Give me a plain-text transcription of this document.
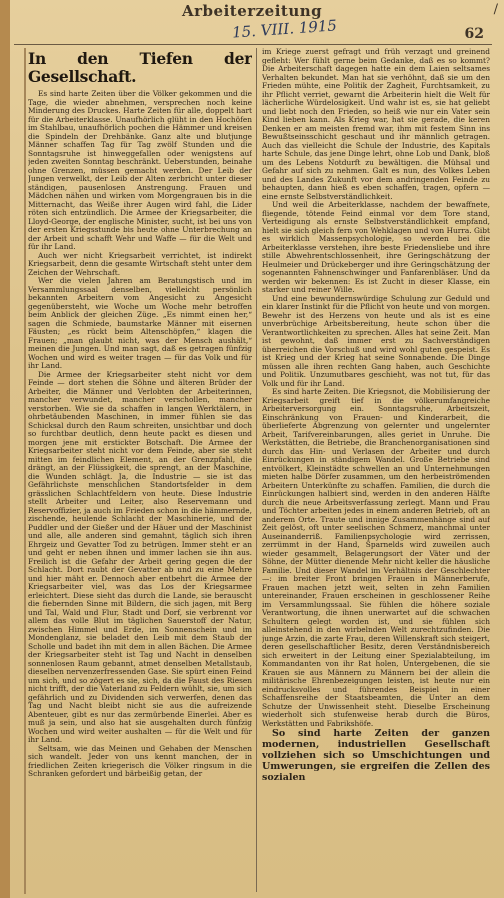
Arbeiterzeitung
15. VIII. 1915	62
/
In den Tiefen der Gesellschaft.

Es sind harte Zeiten über die Völker gekommen und die Tage, die wieder abnehmen, versprechen noch keine Minderung des Druckes. Harte Zeiten für alle, doppelt hart für die Arbeiterklasse. Unaufhörlich glüht in den Hochöfen im Stahlbau, unaufhörlich pochen die Hämmer und kreisen die Spindeln der Drehbänke. Ganz alte und blutjunge Männer schaffen Tag für Tag zwölf Stunden und die Sonntagsruhe ist hinweggefallen oder wenigstens auf jeden zweiten Sonntag beschränkt. Ueberstunden, beinahe ohne Grenzen, müssen gemacht werden. Der Leib der Jungen verwelkt, der Leib der Alten zerbricht unter dieser ständigen, pausenlosen Anstrengung. Frauen und Mädchen nähen und wirken vom Morgengrauen bis in die Mitternacht, das Weiße ihrer Augen wird fahl, die Lider röten sich entzündlich. Die Armee der Kriegsarbeiter, die Lloyd-George, der englische Minister, sucht, ist bei uns von der ersten Kriegsstunde bis heute ohne Unterbrechung an der Arbeit und schafft Wehr und Waffe — für die Welt und für ihr Land.

Auch wer nicht Kriegsarbeit verrichtet, ist indirekt Kriegsarbeit, denn die gesamte Wirtschaft steht unter dem Zeichen der Wehrschaft.

Wer die vielen Jahren am Beratungstisch und im Versammlungssaal denselben, vielleicht persönlich bekannten Arbeitern vom Angesicht zu Angesicht gegenübersteht, wie Woche um Woche mehr betroffen beim Anblick der gleichen Züge. „Es nimmt einen her,“ sagen die Schmiede, baumstarke Männer mit eisernen Fäusten; „es rückt beim Altenschöpfen,“ klagen die Frauen; „man glaubt nicht, was der Mensch aushält,“ meinen die Jungen. Und man sagt, daß es getragen fünfzig Wochen und wird es weiter tragen — für das Volk und für ihr Land.

Die Armee der Kriegsarbeiter steht nicht vor dem Feinde — dort stehen die Söhne und älteren Brüder der Arbeiter, die Männer und Verlobten der Arbeiterinnen, mancher verwundet, mancher verschollen, mancher verstorben. Wie sie da schaffen in langen Werktälern, in ohrbetäubenden Maschinen, in immer fühlen sie das Schicksal durch den Raum schreiten, unsichtbar und doch so furchtbar deutlich, denn heute packt es diesen und morgen jene mit erstickter Botschaft. Die Armee der Kriegsarbeiter steht nicht vor dem Feinde, aber sie steht mitten im feindlichen Element, an der Grenzpfahl, die drängt, an der Flüssigkeit, die sprengt, an der Maschine, die Wunden schlägt. Ja, die Industrie — sie ist das Gefährlichste menschlichen Standortsfelder in dem grässlichen Schlachtfeldern von heute. Diese Industrie stellt Arbeiter und Leiter, also Reservemann und Reservoffizier, ja auch im Frieden schon in die hämmernde, zischende, heulende Schlacht der Maschinerie, und der Puddler und der Gießer und der Häuer und der Maschinist und alle, alle anderen sind gemahnt, täglich sich ihren Ehrgeiz und Gevatter Tod zu betrügen. Immer steht er an und geht er neben ihnen und immer lachen sie ihn aus. Freilich ist die Gefahr der Arbeit gering gegen die der Schlacht. Dort raubt der Gevatter ab und zu eine Mehre und hier mäht er. Dennoch aber entbehrt die Armee der Kriegsarbeiter viel, was das Los der Kriegsarmee erleichtert. Diese sieht das durch die Lande, sie berauscht die fiebernden Sinne mit Bildern, die sich jagen, mit Berg und Tal, Wald und Flur, Stadt und Dorf, sie verbrennt vor allem das volle Blut im täglichen Sauerstoff der Natur, zwischen Himmel und Erde, im Sonnenschein und im Mondenglanz, sie beladet den Leib mit dem Staub der Scholle und badet ihn mit dem in allen Bächen. Die Armee der Kriegsarbeiter steht ist Tag und Nacht in denselben sonnenlosen Raum gebannt, atmet denselben Metallstaub, dieselben nervenzerfressenden Gase. Sie spürt einen Feind um sich, und so zögert es sie, sich, da die Faust des Riesen nicht trifft, der die Vaterland zu Feldern wühlt, sie, um sich gefährlich und zu Dividenden sich verwerfen, denen das Tag und Nacht bleibt nicht sie aus die aufreizende Abenteuer, gibt es nur das zermürbende Einerlei. Aber es muß ja sein, und also hat sie ausgehalten durch fünfzig Wochen und wird weiter aushalten — für die Welt und für ihr Land.

Seltsam, wie das Meinen und Gehaben der Menschen sich wandelt. Jeder von uns kennt manchen, der in friedlichen Zeiten kriegerisch die Völker ringsum in die Schranken gefordert und bärbeißig getan, der

im Kriege zuerst gefragt und früh verzagt und greinend gefleht: Wer fühlt gerne beim Gedanke, daß es so kommt? Die Arbeiterschaft dagegen hatte ein dem Laien seltsames Verhalten bekundet. Man hat sie verhöhnt, daß sie um den Frieden mühte, eine Politik der Zagheit, Furchtsamkeit, zu ihr Pflicht verriet, gewarnt die Arbeiterin hielt die Welt für lächerliche Würdelosigkeit. Und wahr ist es, sie hat geliebt und liebt noch den Frieden, so heiß wie nur ein Vater sein Kind lieben kann. Als Krieg war, hat sie gerade, die keren Denken er am meisten fremd war, ihm mit festem Sinn ins Bewußtseinsschicht geschaut und ihr männlich getragen. Auch das vielleicht die Schule der Industrie, des Kapitals harte Schule, das jene Dinge lehrt, ohne Lob und Dank, bloß um des Lebens Notdurft zu bewältigen. die Mühsal und Gefahr auf sich zu nehmen. Galt es nun, des Volkes Leben und des Landes Zukunft vor dem andringenden Feinde zu behaupten, dann hieß es eben schaffen, tragen, opfern — eine ernste Selbstverständlichkeit.

Und weil die Arbeiterklasse, nachdem der bewaffnete, fliegende, tötende Feind einmal vor dem Tore stand, Verteidigung als ernste Selbstverständlichkeit empfand, hielt sie sich gleich fern von Wehklagen und von Hurra. Gibt es wirklich Massenpsychologie, so werden bei die Arbeiterklasse verstehen, ihre beste Friedensliebe und ihre stille Abwehrentschlossenheit, ihre Geringschätzung der Heulmeier und Drückeberger und ihre Geringschätzung der sogenannten Fahnenschwinger und Fanfarenbläser. Und da werden wir bekennen: Es ist Zucht in dieser Klasse, ein starker und reiner Wille.

Und eine bewundernswürdige Schulung zur Geduld und ein klarer Instinkt für die Pflicht von heute und von morgen. Bewehr ist des Herzens von heute und als ist es eine unverbrüchige Arbeitsbereitung, heute schon über die Verantwortlichkeiten zu sprechen. Alles hat seine Zeit. Man ist gewohnt, daß immer erst zu Sachverständigen überreichen die Vorschuß und wird wohl guten gespeist. Es ist Krieg und der Krieg hat seine Sonnabende. Die Dinge müssen alle ihren rechten Gang haben, auch Geschichte und Politik. Unzumutbares geschieht, was not tut, für das Volk und für ihr Land.

Es sind harte Zeiten. Die Kriegsnot, die Mobilisierung der Kriegsarbeit greift tief in die völkerumfangreiche Arbeiterversorgung ein. Sonntagsruhe, Arbeitszeit, Einschränkung von Frauen- und Kinderarbeit, die überlieferte Abgrenzung von gelernter und ungelernter Arbeit, Tarifvereinbarungen, alles geriet in Unruhe. Die Werkstätten, die Betriebe, die Branchenorganisationen sind durch das Hin- und Verlasen der Arbeiter und durch Einrückungen in ständigem Wandel. Große Betriebe sind entvölkert, Kleinstädte schwellen an und Unternehmungen mieten halbe Dörfer zusammen, um den herbeiströmenden Arbeitern Unterkünfte zu schaffen. Familien, die durch die Einrückungen halbiert sind, werden in den anderen Hälfte durch die neue Arbeitsverfassung zerlegt. Mann und Frau und Töchter arbeiten jedes in einem anderen Betrieb, oft an anderem Orte. Traute und innige Zusammenhänge sind auf Zeit gelöst, oft unter seelischen Schmerz, manchmal unter Auseinanderriß. Familienpsychologie wird zerrissen, zerrümmt in der Hand, Sparnelds wird zuweilen auch wieder gesammelt, Belagerungsort der Väter und der Söhne, der Mütter dienende Mehr nicht keller die häusliche Familie. Und dieser Wandel im Verhältnis der Geschlechter —: im breiter Front bringen Frauen in Männerberufe, Frauen machen jetzt weit, selten in zehn Familien untereinander, Frauen erscheinen in geschlossener Reihe im Versammlungssaal. Sie fühlen die höhere soziale Verantwortung, die ihnen unerwartet auf die schwachen Schultern gelegt worden ist, und sie fühlen sich alleinstehend in den wirbelnden Welt zurechtzufinden. Die junge Arzin, die zarte Frau, deren Willenskraft sich steigert, deren gesellschaftlicher Besitz, deren Verständnisbereich sich erweitert in der Leitung einer Spezialabteilung, im Kommandanten von ihr Rat holen, Untergebenen, die sie Krauen sie aus Männern zu Männern bei der allein die militärische Ehrenbezeigungen leisten, ist heute nur ein eindrucksvolles und führendes Beispiel in einer Schaffensreihe der Staatsbeamten, die Unter an dem Schutze der Unwissenheit steht. Dieselbe Erscheinung wiederholt sich stufenweise herab durch die Büros, Werkstätten und Fabrikshöfe.

So sind harte Zeiten der ganzen modernen, industriellen Gesellschaft vollziehen sich so Umschichtungen und Umwerungen, sie ergreifen die Zellen des sozialen
